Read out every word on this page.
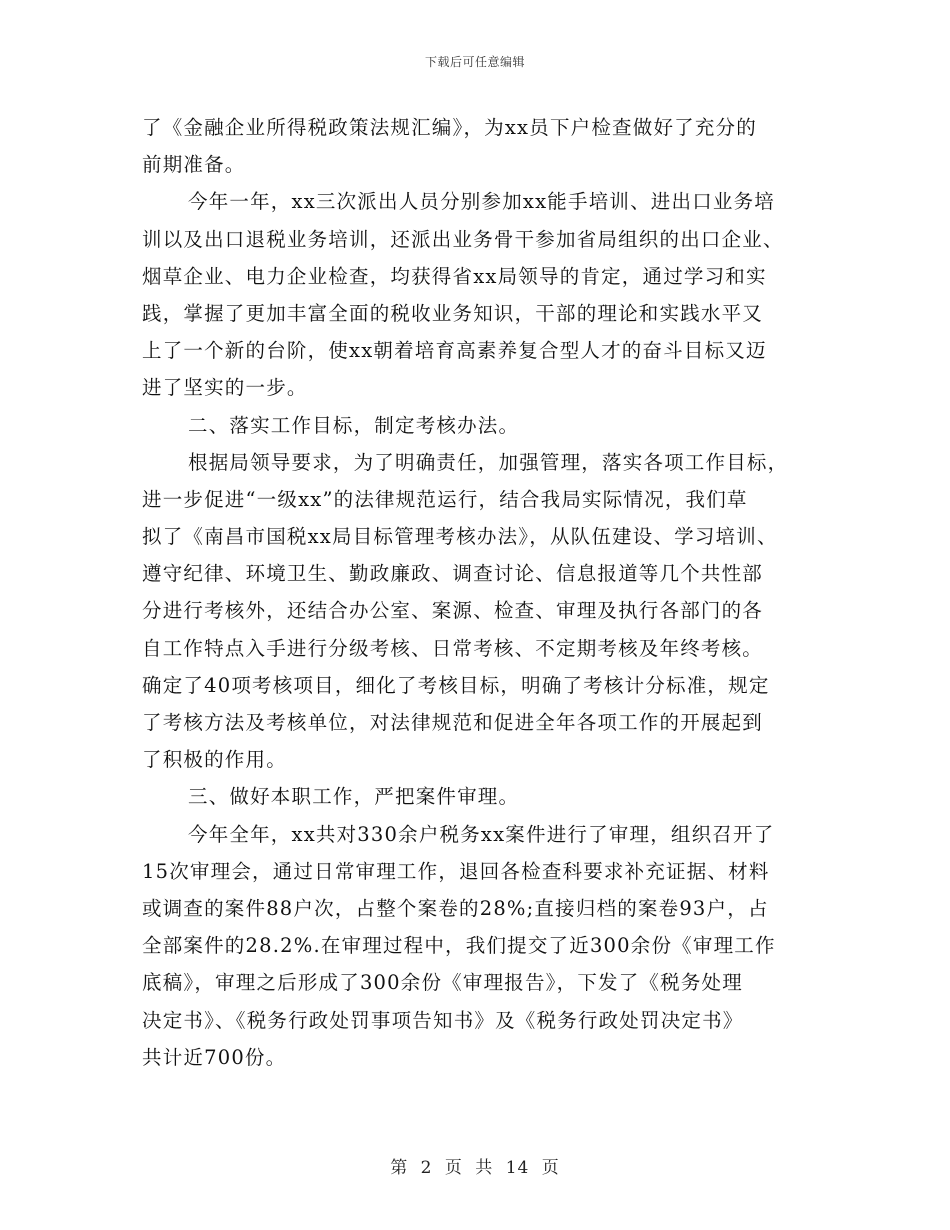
下载后可任意编辑
了《金融企业所得税政策法规汇编》，为xx员下户检查做好了充分的
前期准备。
今年一年，xx三次派出人员分别参加xx能手培训、进出口业务培
训以及出口退税业务培训，还派出业务骨干参加省局组织的出口企业、
烟草企业、电力企业检查，均获得省xx局领导的肯定，通过学习和实
践，掌握了更加丰富全面的税收业务知识，干部的理论和实践水平又
上了一个新的台阶，使xx朝着培育高素养复合型人才的奋斗目标又迈
进了坚实的一步。
二、落实工作目标，制定考核办法。
根据局领导要求，为了明确责任，加强管理，落实各项工作目标，
进一步促进“一级xx”的法律规范运行，结合我局实际情况，我们草
拟了《南昌市国税xx局目标管理考核办法》，从队伍建设、学习培训、
遵守纪律、环境卫生、勤政廉政、调查讨论、信息报道等几个共性部
分进行考核外，还结合办公室、案源、检查、审理及执行各部门的各
自工作特点入手进行分级考核、日常考核、不定期考核及年终考核。
确定了40项考核项目，细化了考核目标，明确了考核计分标准，规定
了考核方法及考核单位，对法律规范和促进全年各项工作的开展起到
了积极的作用。
三、做好本职工作，严把案件审理。
今年全年，xx共对330余户税务xx案件进行了审理，组织召开了
15次审理会，通过日常审理工作，退回各检查科要求补充证据、材料
或调查的案件88户次，占整个案卷的28%;直接归档的案卷93户，占
全部案件的28.2%.在审理过程中，我们提交了近300余份《审理工作
底稿》，审理之后形成了300余份《审理报告》，下发了《税务处理
决定书》、《税务行政处罚事项告知书》及《税务行政处罚决定书》
共计近700份。
第 2 页 共 14 页
